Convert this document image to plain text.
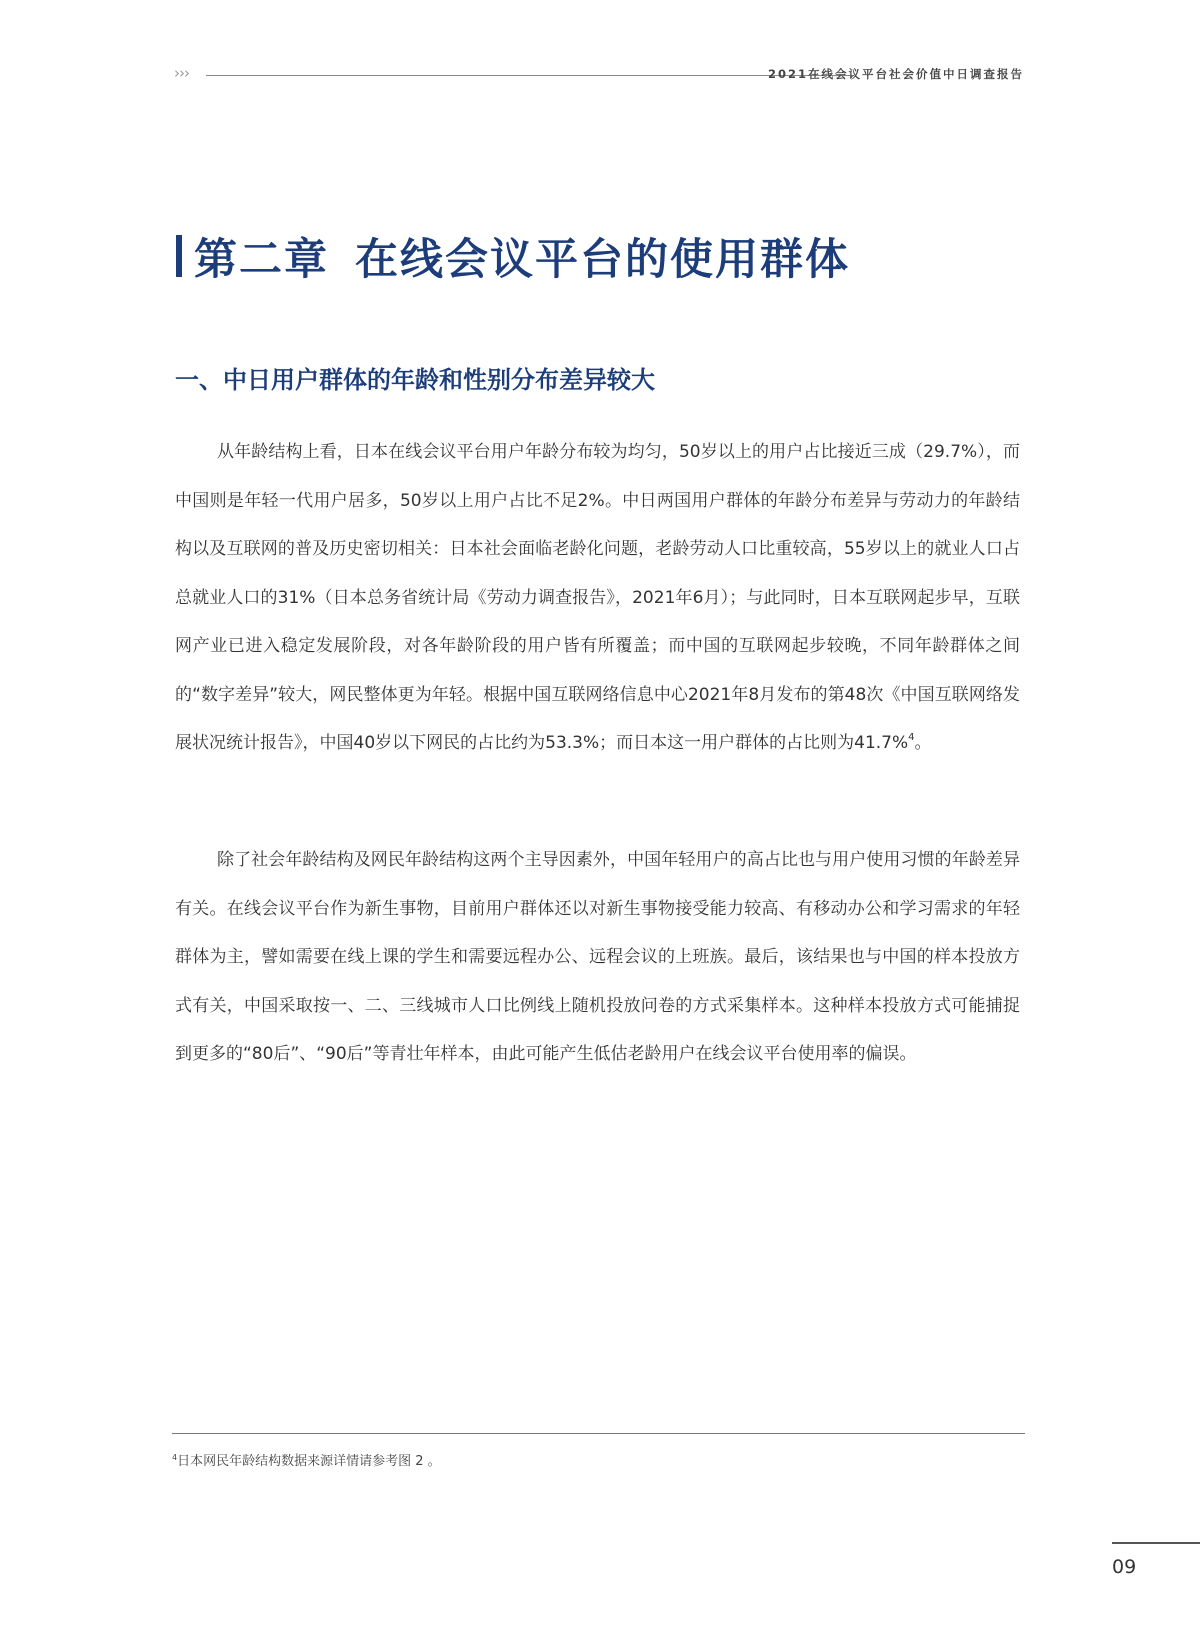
›››	2021在线会议平台社会价值中日调查报告
第二章 在线会议平台的使用群体
一、中日用户群体的年龄和性别分布差异较大

从年龄结构上看，日本在线会议平台用户年龄分布较为均匀，50岁以上的用户占比接近三成（29.7%），而中国则是年轻一代用户居多，50岁以上用户占比不足2%。中日两国用户群体的年龄分布差异与劳动力的年龄结构以及互联网的普及历史密切相关：日本社会面临老龄化问题，老龄劳动人口比重较高，55岁以上的就业人口占总就业人口的31%（日本总务省统计局《劳动力调查报告》，2021年6月）；与此同时，日本互联网起步早，互联网产业已进入稳定发展阶段，对各年龄阶段的用户皆有所覆盖；而中国的互联网起步较晚，不同年龄群体之间的“数字差异”较大，网民整体更为年轻。根据中国互联网络信息中心2021年8月发布的第48次《中国互联网络发展状况统计报告》，中国40岁以下网民的占比约为53.3%；而日本这一用户群体的占比则为41.7%$^4$。

除了社会年龄结构及网民年龄结构这两个主导因素外，中国年轻用户的高占比也与用户使用习惯的年龄差异有关。在线会议平台作为新生事物，目前用户群体还以对新生事物接受能力较高、有移动办公和学习需求的年轻群体为主，譬如需要在线上课的学生和需要远程办公、远程会议的上班族。最后，该结果也与中国的样本投放方式有关，中国采取按一、二、三线城市人口比例线上随机投放问卷的方式采集样本。这种样本投放方式可能捕捉到更多的“80后”、“90后”等青壮年样本，由此可能产生低估老龄用户在线会议平台使用率的偏误。

$^4$日本网民年龄结构数据来源详情请参考图 2 。
09
